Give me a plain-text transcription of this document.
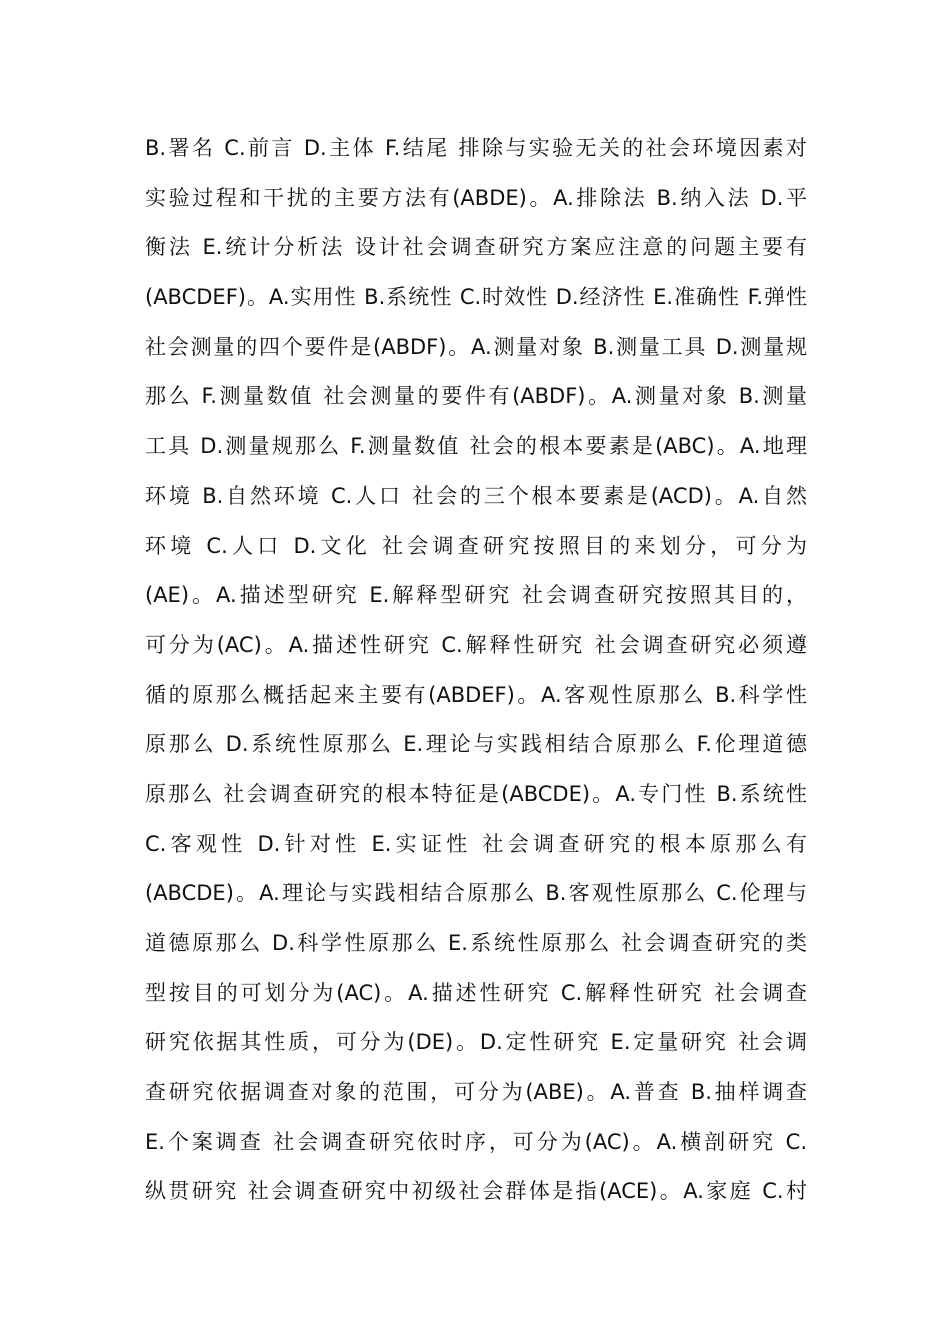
B.署名 C.前言 D.主体 F.结尾 排除与实验无关的社会环境因素对
实验过程和干扰的主要方法有(ABDE)。A.排除法 B.纳入法 D.平
衡法 E.统计分析法 设计社会调查研究方案应注意的问题主要有
(ABCDEF)。A.实用性 B.系统性 C.时效性 D.经济性 E.准确性 F.弹性
社会测量的四个要件是(ABDF)。A.测量对象 B.测量工具 D.测量规
那么 F.测量数值 社会测量的要件有(ABDF)。A.测量对象 B.测量
工具 D.测量规那么 F.测量数值 社会的根本要素是(ABC)。A.地理
环境 B.自然环境 C.人口 社会的三个根本要素是(ACD)。A.自然
环境 C.人口 D.文化 社会调查研究按照目的来划分，可分为
(AE)。A.描述型研究 E.解释型研究 社会调查研究按照其目的，
可分为(AC)。A.描述性研究 C.解释性研究 社会调查研究必须遵
循的原那么概括起来主要有(ABDEF)。A.客观性原那么 B.科学性
原那么 D.系统性原那么 E.理论与实践相结合原那么 F.伦理道德
原那么 社会调查研究的根本特征是(ABCDE)。A.专门性 B.系统性
C.客观性 D.针对性 E.实证性 社会调查研究的根本原那么有
(ABCDE)。A.理论与实践相结合原那么 B.客观性原那么 C.伦理与
道德原那么 D.科学性原那么 E.系统性原那么 社会调查研究的类
型按目的可划分为(AC)。A.描述性研究 C.解释性研究 社会调查
研究依据其性质，可分为(DE)。D.定性研究 E.定量研究 社会调
查研究依据调查对象的范围，可分为(ABE)。A.普查 B.抽样调查
E.个案调查 社会调查研究依时序，可分为(AC)。A.横剖研究 C.
纵贯研究 社会调查研究中初级社会群体是指(ACE)。A.家庭 C.村
